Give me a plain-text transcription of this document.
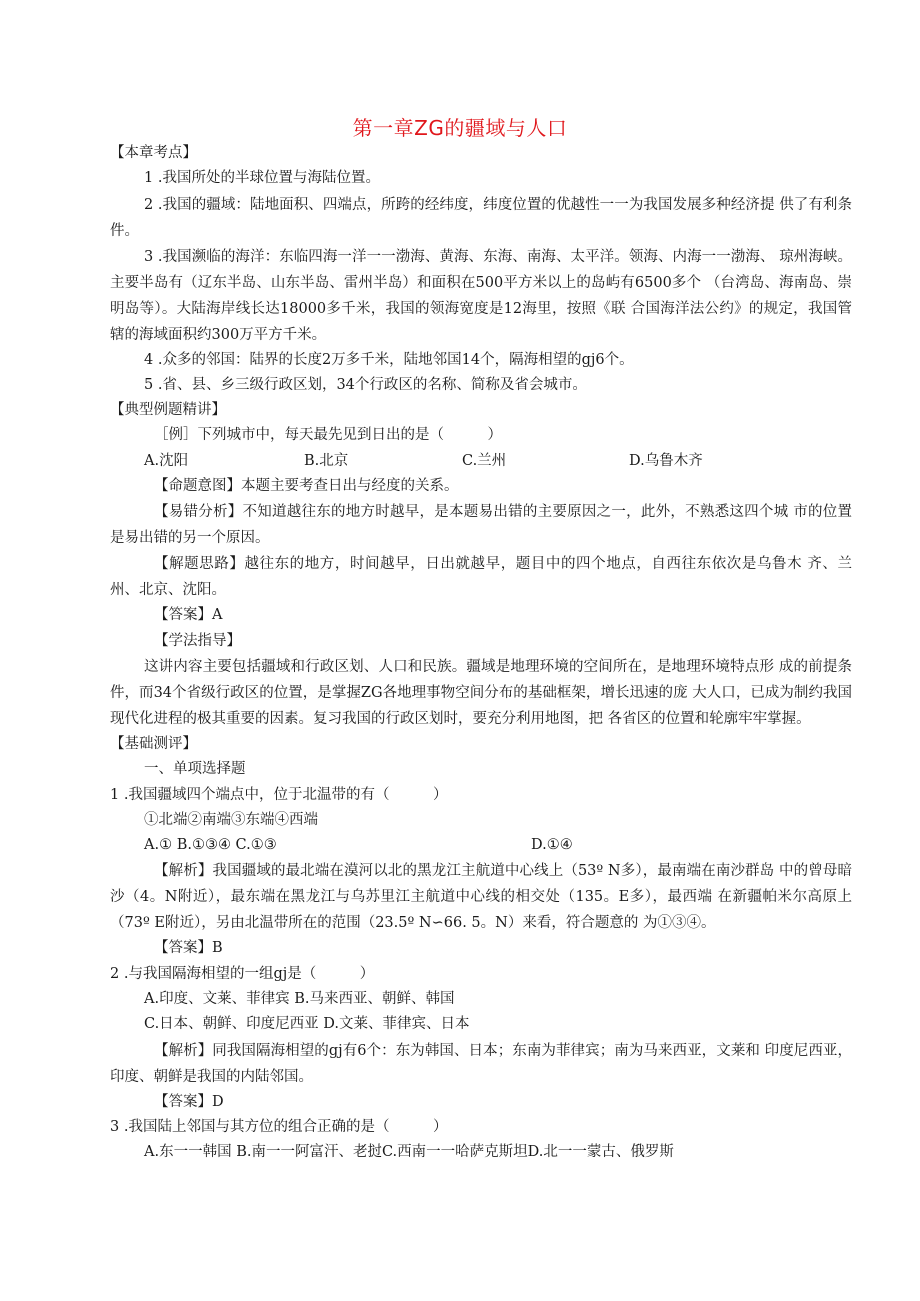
第一章ZG的疆域与人口
【本章考点】
1 .我国所处的半球位置与海陆位置。
2 .我国的疆域：陆地面积、四端点，所跨的经纬度，纬度位置的优越性一一为我国发展多种经济提 供了有利条件。
3 .我国濒临的海洋：东临四海一洋一一渤海、黄海、东海、南海、太平洋。领海、内海一一渤海、 琼州海峡。主要半岛有（辽东半岛、山东半岛、雷州半岛）和面积在500平方米以上的岛屿有6500多个 （台湾岛、海南岛、崇明岛等）。大陆海岸线长达18000多千米，我国的领海宽度是12海里，按照《联 合国海洋法公约》的规定，我国管辖的海域面积约300万平方千米。
4 .众多的邻国：陆界的长度2万多千米，陆地邻国14个，隔海相望的gj6个。
5 .省、县、乡三级行政区划，34个行政区的名称、简称及省会城市。
【典型例题精讲】
［例］下列城市中，每天最先见到日出的是（　　　）
A.沈阳	B.北京	C.兰州	D.乌鲁木齐
【命题意图】本题主要考查日出与经度的关系。
【易错分析】不知道越往东的地方时越早，是本题易出错的主要原因之一，此外，不熟悉这四个城 市的位置是易出错的另一个原因。
【解题思路】越往东的地方，时间越早，日出就越早，题目中的四个地点，自西往东依次是乌鲁木 齐、兰州、北京、沈阳。
【答案】A
【学法指导】
这讲内容主要包括疆域和行政区划、人口和民族。疆域是地理环境的空间所在，是地理环境特点形 成的前提条件，而34个省级行政区的位置，是掌握ZG各地理事物空间分布的基础框架，增长迅速的庞 大人口，已成为制约我国现代化进程的极其重要的因素。复习我国的行政区划时，要充分利用地图，把 各省区的位置和轮廓牢牢掌握。
【基础测评】
一、单项选择题
1 .我国疆域四个端点中，位于北温带的有（　　　）
①北端②南端③东端④西端
A.① B.①③④ C.①③	D.①④
【解析】我国疆域的最北端在漠河以北的黑龙江主航道中心线上（53º N多），最南端在南沙群岛 中的曾母暗沙（4。N附近），最东端在黑龙江与乌苏里江主航道中心线的相交处（135。E多），最西端 在新疆帕米尔高原上（73º E附近），另由北温带所在的范围（23.5º N∽66. 5。N）来看，符合题意的 为①③④。
【答案】B
2 .与我国隔海相望的一组gj是（　　　）
A.印度、文莱、菲律宾 B.马来西亚、朝鲜、韩国
C.日本、朝鲜、印度尼西亚 D.文莱、菲律宾、日本
【解析】同我国隔海相望的gj有6个：东为韩国、日本；东南为菲律宾；南为马来西亚，文莱和 印度尼西亚，印度、朝鲜是我国的内陆邻国。
【答案】D
3 .我国陆上邻国与其方位的组合正确的是（　　　）
A.东一一韩国 B.南一一阿富汗、老挝C.西南一一哈萨克斯坦D.北一一蒙古、俄罗斯
